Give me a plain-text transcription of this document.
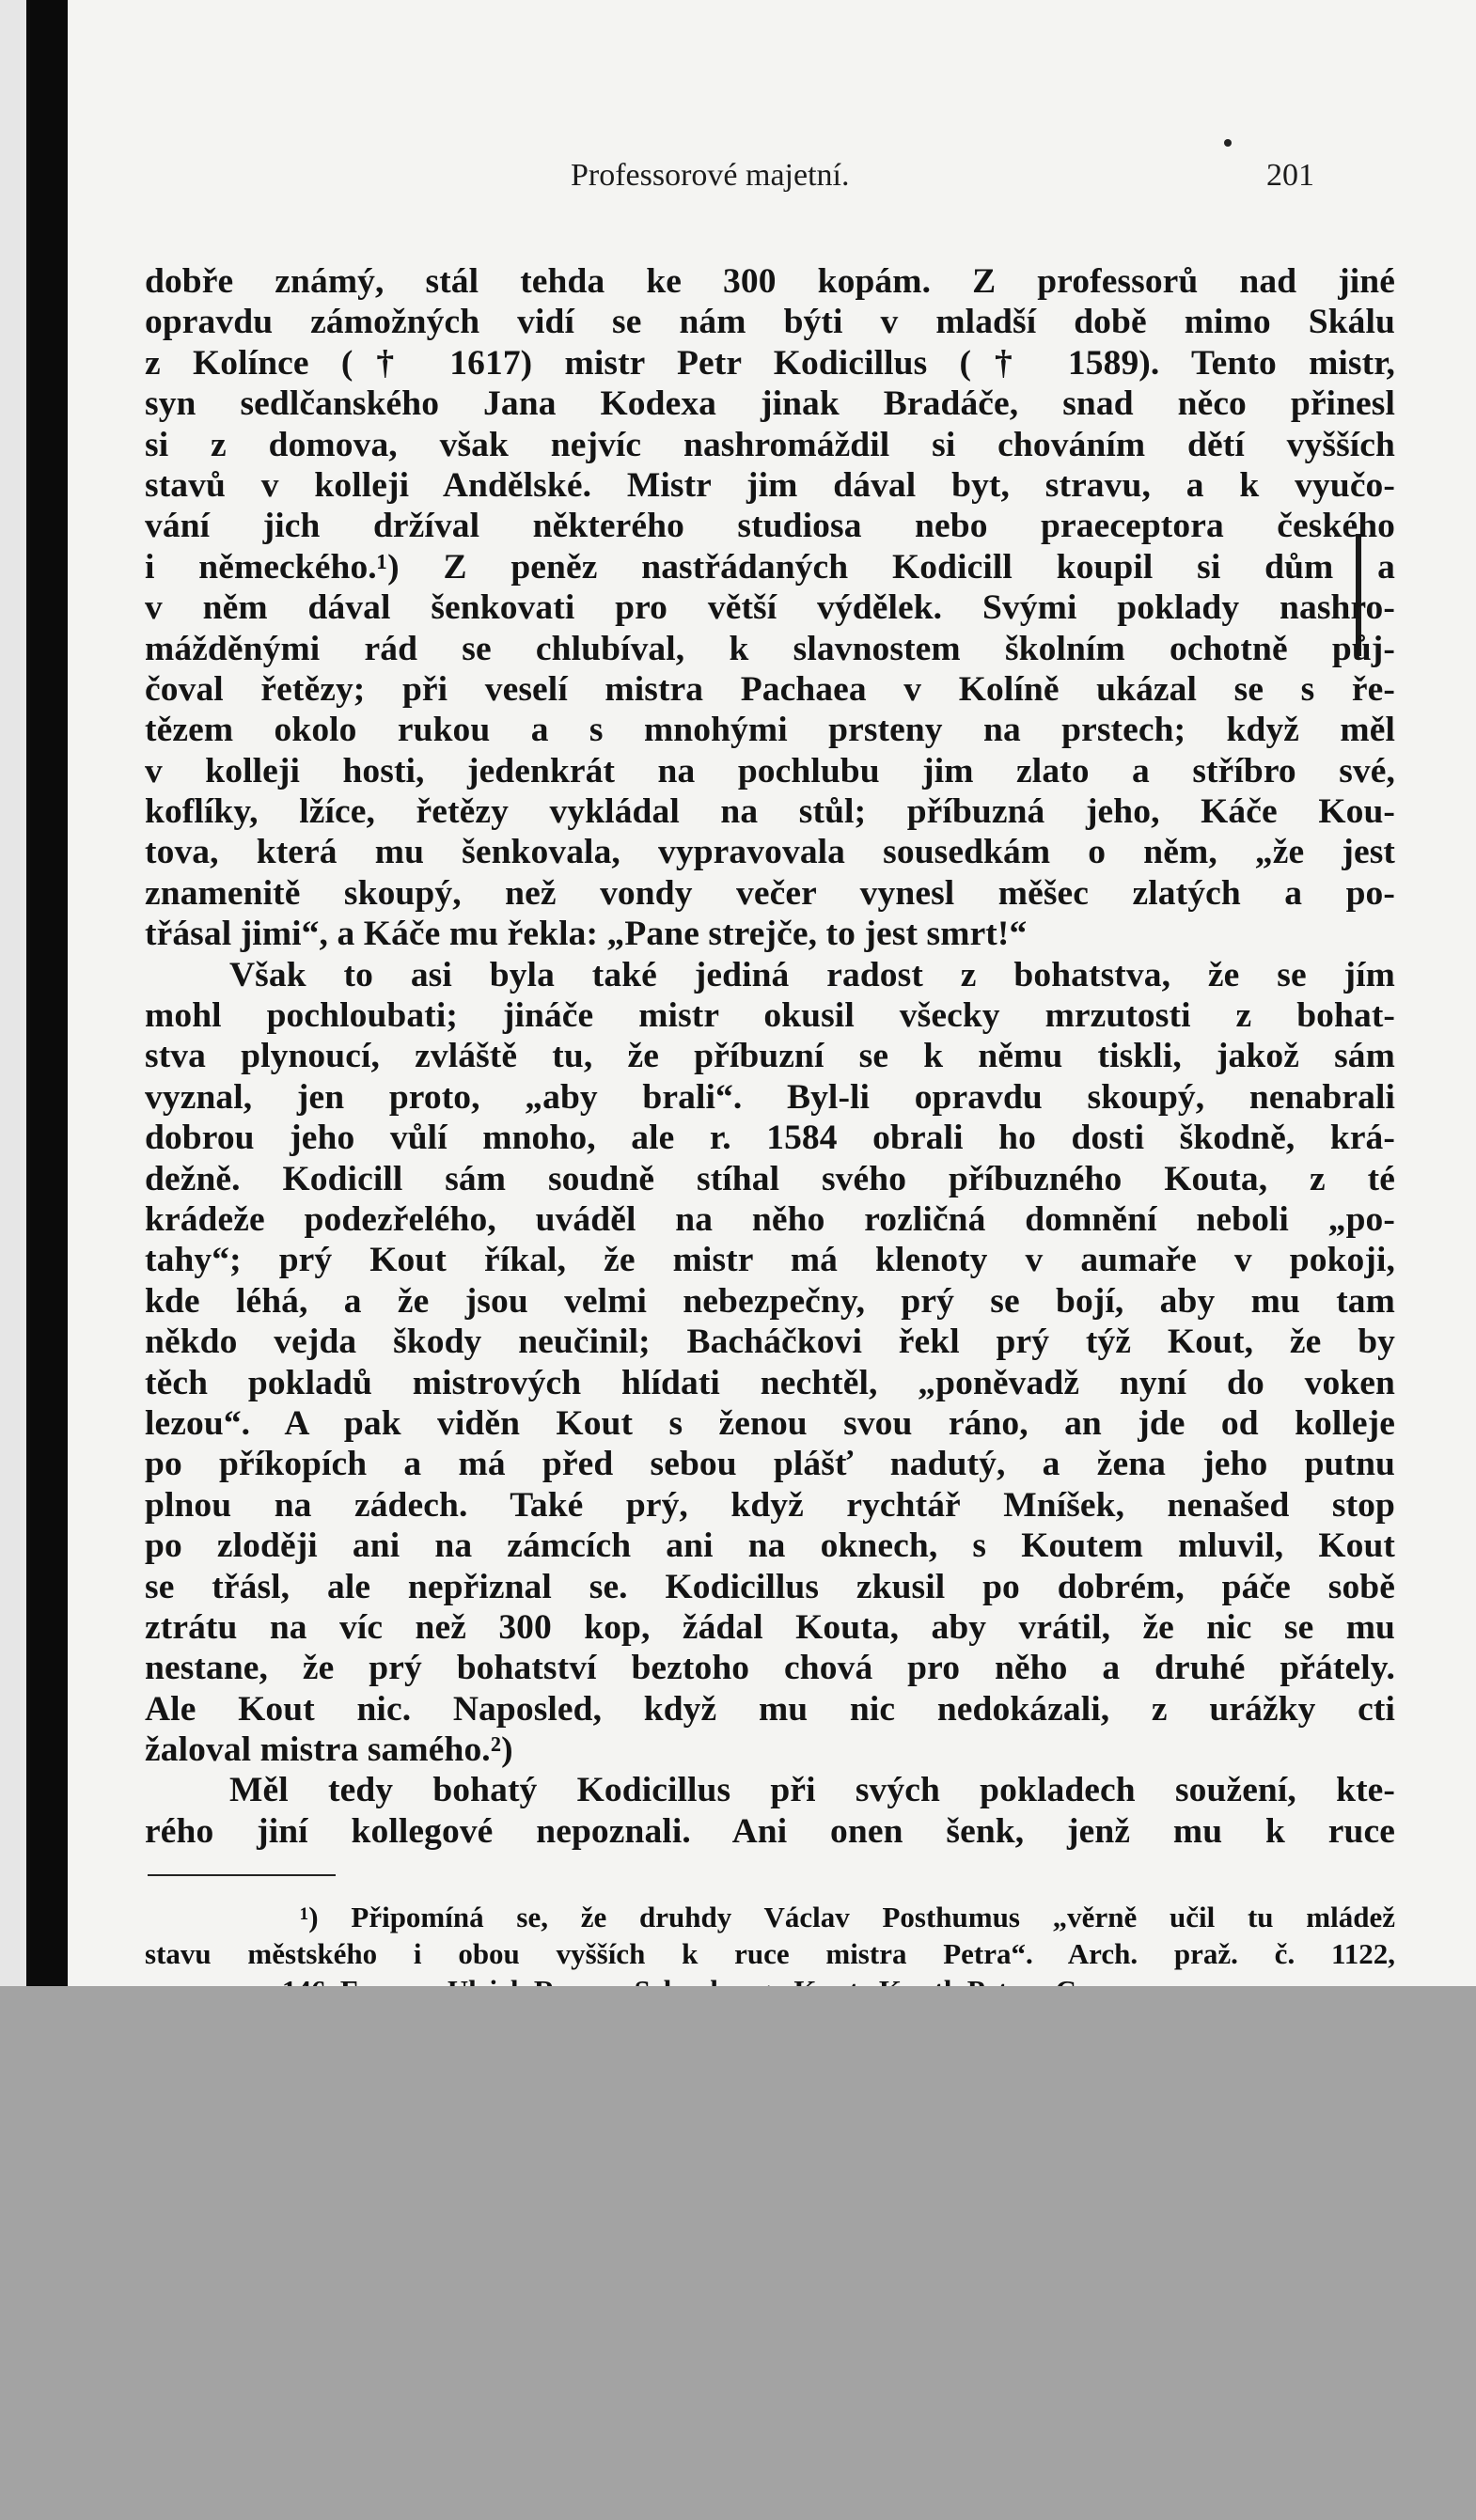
Professorové majetní.	201
dobře známý, stál tehda ke 300 kopám. Z professorů nad jiné
opravdu zámožných vidí se nám býti v mladší době mimo Skálu
z Kolínce († 1617) mistr Petr Kodicillus († 1589). Tento mistr,
syn sedlčanského Jana Kodexa jinak Bradáče, snad něco přinesl
si z domova, však nejvíc nashromáždil si chováním dětí vyšších
stavů v kolleji Andělské. Mistr jim dával byt, stravu, a k vyučo-
vání jich držíval některého studiosa nebo praeceptora českého
i německého.¹) Z peněz nastřádaných Kodicill koupil si dům a
v něm dával šenkovati pro větší výdělek. Svými poklady nashro-
mážděnými rád se chlubíval, k slavnostem školním ochotně půj-
čoval řetězy; při veselí mistra Pachaea v Kolíně ukázal se s ře-
tězem okolo rukou a s mnohými prsteny na prstech; když měl
v kolleji hosti, jedenkrát na pochlubu jim zlato a stříbro své,
koflíky, lžíce, řetězy vykládal na stůl; příbuzná jeho, Káče Kou-
tova, která mu šenkovala, vypravovala sousedkám o něm, „že jest
znamenitě skoupý, než vondy večer vynesl měšec zlatých a po-
třásal jimi“, a Káče mu řekla: „Pane strejče, to jest smrt!“
Však to asi byla také jediná radost z bohatstva, že se jím
mohl pochloubati; jináče mistr okusil všecky mrzutosti z bohat-
stva plynoucí, zvláště tu, že příbuzní se k němu tiskli, jakož sám
vyznal, jen proto, „aby brali“. Byl-li opravdu skoupý, nenabrali
dobrou jeho vůlí mnoho, ale r. 1584 obrali ho dosti škodně, krá-
dežně. Kodicill sám soudně stíhal svého příbuzného Kouta, z té
krádeže podezřelého, uváděl na něho rozličná domnění neboli „po-
tahy“; prý Kout říkal, že mistr má klenoty v aumaře v pokoji,
kde léhá, a že jsou velmi nebezpečny, prý se bojí, aby mu tam
někdo vejda škody neučinil; Bacháčkovi řekl prý týž Kout, že by
těch pokladů mistrových hlídati nechtěl, „poněvadž nyní do voken
lezou“. A pak viděn Kout s ženou svou ráno, an jde od kolleje
po příkopích a má před sebou plášť nadutý, a žena jeho putnu
plnou na zádech. Také prý, když rychtář Mníšek, nenašed stop
po zloději ani na zámcích ani na oknech, s Koutem mluvil, Kout
se třásl, ale nepřiznal se. Kodicillus zkusil po dobrém, páče sobě
ztrátu na víc než 300 kop, žádal Kouta, aby vrátil, že nic se mu
nestane, že prý bohatství beztoho chová pro něho a druhé přátely.
Ale Kout nic. Naposled, když mu nic nedokázali, z urážky cti
žaloval mistra samého.²)
Měl tedy bohatý Kodicillus při svých pokladech soužení, kte-
rého jiní kollegové nepoznali. Ani onen šenk, jenž mu k ruce
¹) Připomíná se, že druhdy Václav Posthumus „věrně učil tu mládež
stavu městského i obou vyšších k ruce mistra Petra“. Arch. praž. č. 1122,
